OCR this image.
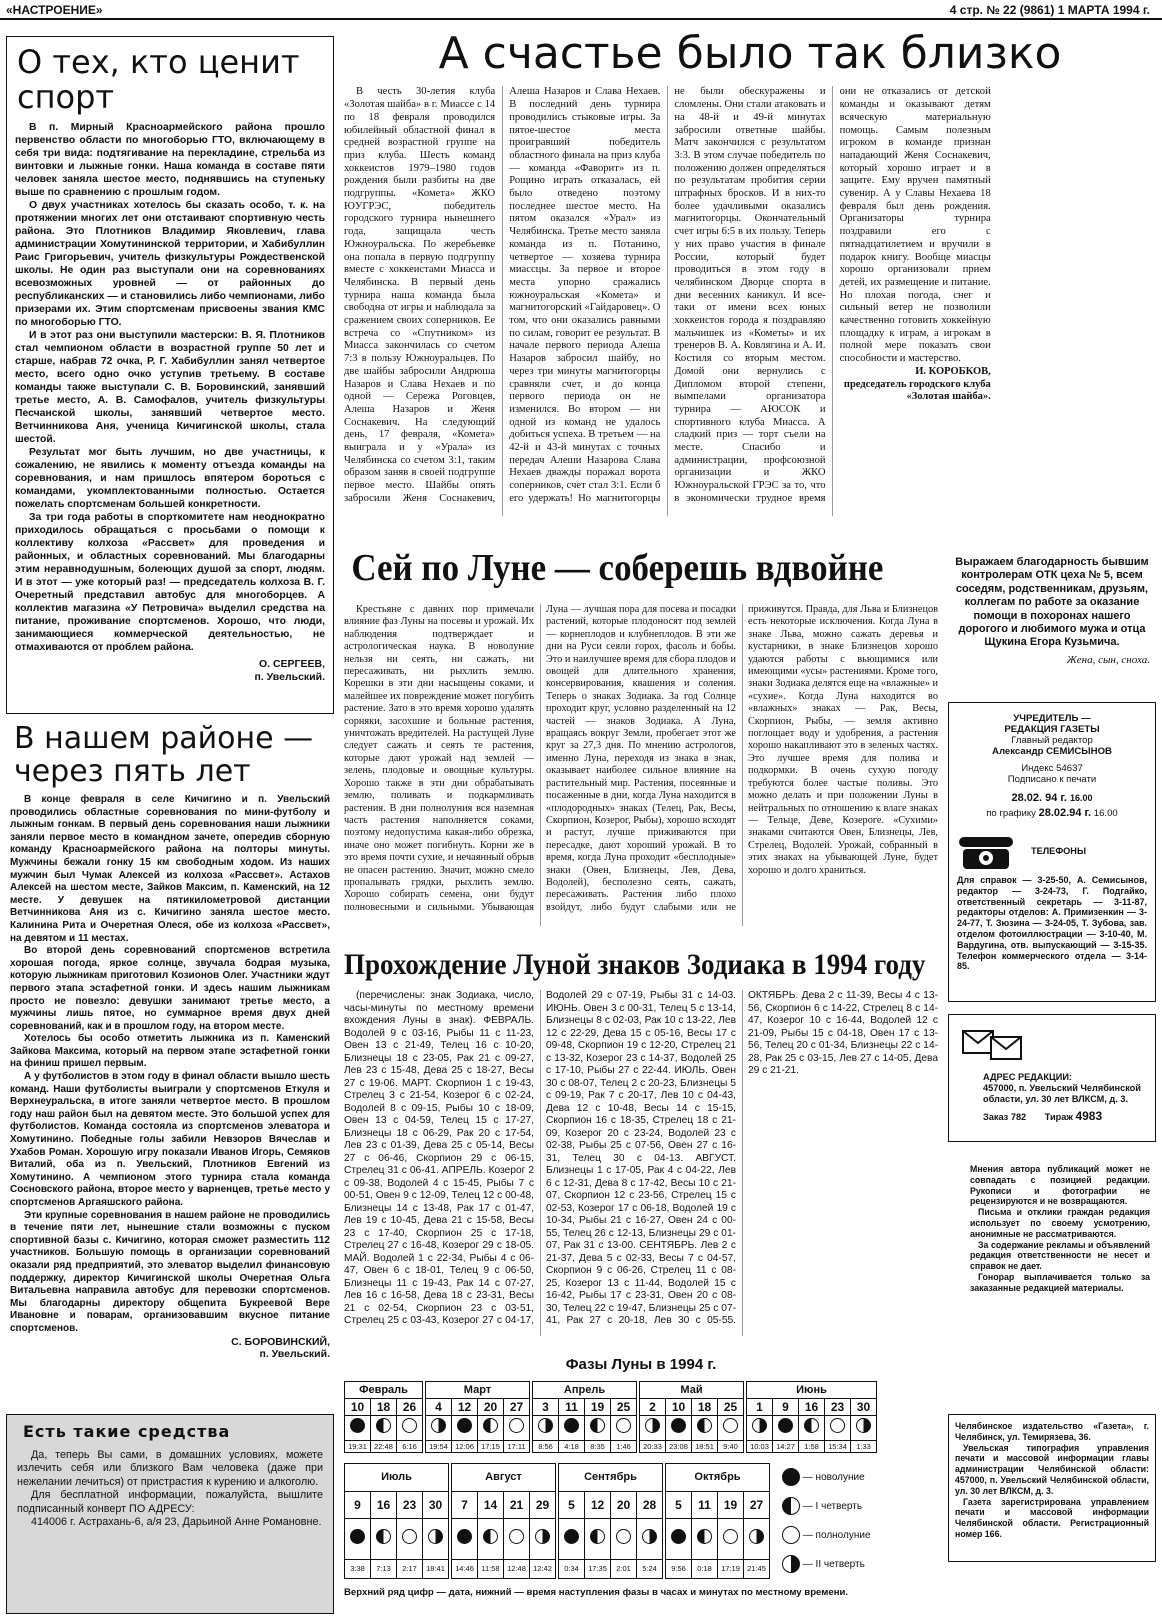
«НАСТРОЕНИЕ»	4 стр. № 22 (9861) 1 МАРТА 1994 г.
О тех, кто ценит спорт

В п. Мирный Красноармейского района прошло первенство области по многоборью ГТО, включающему в себя три вида: подтягивание на перекладине, стрельба из винтовки и лыжные гонки. Наша команда в составе пяти человек заняла шестое место, поднявшись на ступеньку выше по сравнению с прошлым годом.

О двух участниках хотелось бы сказать особо, т. к. на протяжении многих лет они отстаивают спортивную честь района. Это Плотников Владимир Яковлевич, глава администрации Хомутининской территории, и Хабибуллин Раис Григорьевич, учитель физкультуры Рождественской школы. Не один раз выступали они на соревнованиях всевозможных уровней — от районных до республиканских — и становились либо чемпионами, либо призерами их. Этим спортсменам присвоены звания КМС по многоборью ГТО.

И в этот раз они выступили мастерски: В. Я. Плотников стал чемпионом области в возрастной группе 50 лет и старше, набрав 72 очка, Р. Г. Хабибуллин занял четвертое место, всего одно очко уступив третьему. В составе команды также выступали С. В. Боровинский, занявший третье место, А. В. Самофалов, учитель физкультуры Песчанской школы, занявший четвертое место. Ветчинникова Аня, ученица Кичигинской школы, стала шестой.

Результат мог быть лучшим, но две участницы, к сожалению, не явились к моменту отъезда команды на соревнования, и нам пришлось впятером бороться с командами, укомплектованными полностью. Остается пожелать спортсменам большей конкретности.

За три года работы в спорткомитете нам неоднократно приходилось обращаться с просьбами о помощи к коллективу колхоза «Рассвет» для проведения и районных, и областных соревнований. Мы благодарны этим неравнодушным, болеющих душой за спорт, людям. И в этот — уже который раз! — председатель колхоза В. Г. Очеретный представил автобус для многоборцев. А коллектив магазина «У Петровича» выделил средства на питание, проживание спортсменов. Хорошо, что люди, занимающиеся коммерческой деятельностью, не отмахиваются от проблем района.

О. СЕРГЕЕВ,
п. Увельский.
В нашем районе — через пять лет

В конце февраля в селе Кичигино и п. Увельский проводились областные соревнования по мини-футболу и лыжным гонкам. В первый день соревнования наши лыжники заняли первое место в командном зачете, опередив сборную команду Красноармейского района на полторы минуты. Мужчины бежали гонку 15 км свободным ходом. Из наших мужчин был Чумак Алексей из колхоза «Рассвет». Астахов Алексей на шестом месте, Зайков Максим, п. Каменский, на 12 месте. У девушек на пятикилометровой дистанции Ветчинникова Аня из с. Кичигино заняла шестое место. Калинина Рита и Очеретная Олеся, обе из колхоза «Рассвет», на девятом и 11 местах.

Во второй день соревнований спортсменов встретила хорошая погода, яркое солнце, звучала бодрая музыка, которую лыжникам приготовил Козионов Олег. Участники ждут первого этапа эстафетной гонки. И здесь нашим лыжникам просто не повезло: девушки занимают третье место, а мужчины лишь пятое, но суммарное время двух дней соревнований, как и в прошлом году, на втором месте.

Хотелось бы особо отметить лыжника из п. Каменский Зайкова Максима, который на первом этапе эстафетной гонки на финиш пришел первым.

А у футболистов в этом году в финал области вышло шесть команд. Наши футболисты выиграли у спортсменов Еткуля и Верхнеуральска, в итоге заняли четвертое место. В прошлом году наш район был на девятом месте. Это большой успех для футболистов. Команда состояла из спортсменов элеватора и Хомутинино. Победные голы забили Невзоров Вячеслав и Ухабов Роман. Хорошую игру показали Иванов Игорь, Семяков Виталий, оба из п. Увельский, Плотников Евгений из Хомутинино. А чемпионом этого турнира стала команда Сосновского района, второе место у варненцев, третье место у спортсменов Аргаяшского района.

Эти крупные соревнования в нашем районе не проводились в течение пяти лет, нынешние стали возможны с пуском спортивной базы с. Кичигино, которая сможет разместить 112 участников. Большую помощь в организации соревнований оказали ряд предприятий, это элеватор выделил финансовую поддержку, директор Кичигинской школы Очеретная Ольга Витальевна направила автобус для перевозки спортсменов. Мы благодарны директору общепита Букреевой Вере Ивановне и поварам, организовавшим вкусное питание спортсменов.

С. БОРОВИНСКИЙ,
п. Увельский.
Есть такие средства

Да, теперь Вы сами, в домашних условиях, можете излечить себя или близкого Вам человека (даже при нежелании лечиться) от пристрастия к курению и алкоголю.

Для бесплатной информации, пожалуйста, вышлите подписанный конверт ПО АДРЕСУ:

414006 г. Астрахань-6, а/я 23, Дарьиной Анне Романовне.

А счастье было так близко

В честь 30-летия клуба «Золотая шайба» в г. Миассе с 14 по 18 февраля проводился юбилейный областной финал в средней возрастной группе на приз клуба. Шесть команд хоккеистов 1979–1980 годов рождения были разбиты на две подгруппы. «Комета» ЖКО ЮУГРЭС, победитель городского турнира нынешнего года, защищала честь Южноуральска. По жеребьевке она попала в первую подгруппу вместе с хоккеистами Миасса и Челябинска. В первый день турнира наша команда была свободна от игры и наблюдала за сражением своих соперников. Ее встреча со «Спутником» из Миасса закончилась со счетом 7:3 в пользу Южноуральцев. По две шайбы забросили Андрюша Назаров и Слава Нехаев и по одной — Сережа Роговцев, Алеша Назаров и Женя Соснакевич. На следующий день, 17 февраля, «Комета» выиграла и у «Урала» из Челябинска со счетом 3:1, таким образом заняв в своей подгруппе первое место. Шайбы опять забросили Женя Соснакевич, Алеша Назаров и Слава Нехаев. В последний день турнира проводились стыковые игры. За пятое-шестое места проигравший победитель областного финала на приз клуба — команда «Фаворит» из п. Рощино играть отказалась, ей было отведено поэтому последнее шестое место. На пятом оказался «Урал» из Челябинска. Третье место заняла команда из п. Потанино, четвертое — хозяева турнира миассцы. За первое и второе места упорно сражались южноуральская «Комета» и магнитогорский «Гайдаровец». О том, что они оказались равными по силам, говорит ее результат. В начале первого периода Алеша Назаров забросил шайбу, но через три минуты магнитогорцы сравняли счет, и до конца первого периода он не изменился. Во втором — ни одной из команд не удалось добиться успеха. В третьем — на 42-й и 43-й минутах с точных передач Алеши Назарова Слава Нехаев дважды поражал ворота соперников, счет стал 3:1. Если б его удержать! Но магнитогорцы не были обескуражены и сломлены. Они стали атаковать и на 48-й и 49-й минутах забросили ответные шайбы. Матч закончился с результатом 3:3. В этом случае победитель по положению должен определяться по результатам пробития серии штрафных бросков. И в них-то более удачливыми оказались магнитогорцы. Окончательный счет игры 6:5 в их пользу. Теперь у них право участия в финале России, который будет проводиться в этом году в челябинском Дворце спорта в дни весенних каникул. И все-таки от имени всех юных хоккеистов города я поздравляю мальчишек из «Кометы» и их тренеров В. А. Ковлягина и А. И. Костиля со вторым местом. Домой они вернулись с Дипломом второй степени, вымпелами организатора турнира — АЮСОК и спортивного клуба Миасса. А сладкий приз — торт съели на месте. Спасибо и администрации, профсоюзной организации и ЖКО Южноуральской ГРЭС за то, что в экономически трудное время они не отказались от детской команды и оказывают детям всяческую материальную помощь. Самым полезным игроком в команде признан нападающий Женя Соснакевич, который хорошо играет и в защите. Ему вручен памятный сувенир. А у Славы Нехаева 18 февраля был день рождения. Организаторы турнира поздравили его с пятнадцатилетием и вручили в подарок книгу. Вообще миасцы хорошо организовали прием детей, их размещение и питание. Но плохая погода, снег и сильный ветер не позволили качественно готовить хоккейную площадку к играм, а игрокам в полной мере показать свои способности и мастерство.

И. КОРОБКОВ,
председатель городского клуба «Золотая шайба».
Сей по Луне — соберешь вдвойне

Крестьяне с давних пор примечали влияние фаз Луны на посевы и урожай. Их наблюдения подтверждает и астрологическая наука. В новолуние нельзя ни сеять, ни сажать, ни пересаживать, ни рыхлить землю. Корешки в эти дни насыщены соками, и малейшее их повреждение может погубить растение. Зато в это время хорошо удалять сорняки, засохшие и больные растения, уничтожать вредителей. На растущей Луне следует сажать и сеять те растения, которые дают урожай над землей — зелень, плодовые и овощные культуры. Хорошо также в эти дни обрабатывать землю, поливать и подкармливать растения. В дни полнолуния вся наземная часть растения наполняется соками, поэтому недопустима какая-либо обрезка, иначе оно может погибнуть. Корни же в это время почти сухие, и нечаянный обрыв не опасен растению. Значит, можно смело пропалывать грядки, рыхлить землю. Хорошо собирать семена, они будут полновесными и сильными. Убывающая Луна — лучшая пора для посева и посадки растений, которые плодоносят под землей — корнеплодов и клубнеплодов. В эти же дни на Руси сеяли горох, фасоль и бобы. Это и наилучшее время для сбора плодов и овощей для длительного хранения, консервирования, квашения и соления. Теперь о знаках Зодиака. За год Солнце проходит круг, условно разделенный на 12 частей — знаков Зодиака. А Луна, вращаясь вокруг Земли, пробегает этот же круг за 27,3 дня. По мнению астрологов, именно Луна, переходя из знака в знак, оказывает наиболее сильное влияние на растительный мир. Растения, посеянные и посаженные в дни, когда Луна находится в «плодородных» знаках (Телец, Рак, Весы, Скорпион, Козерог, Рыбы), хорошо всходят и растут, лучше приживаются при пересадке, дают хороший урожай. В то время, когда Луна проходит «бесплодные» знаки (Овен, Близнецы, Лев, Дева, Водолей), бесполезно сеять, сажать, пересаживать. Растения либо плохо взойдут, либо будут слабыми или не приживутся. Правда, для Льва и Близнецов есть некоторые исключения. Когда Луна в знаке Льва, можно сажать деревья и кустарники, в знаке Близнецов хорошо удаются работы с вьющимися или имеющими «усы» растениями. Кроме того, знаки Зодиака делятся еще на «влажные» и «сухие». Когда Луна находится во «влажных» знаках — Рак, Весы, Скорпион, Рыбы, — земля активно поглощает воду и удобрения, а растения хорошо накапливают это в зеленых частях. Это лучшее время для полива и подкормки. В очень сухую погоду требуются более частые поливы. Это можно делать и при положении Луны в нейтральных по отношению к влаге знаках — Тельце, Деве, Козероге. «Сухими» знаками считаются Овен, Близнецы, Лев, Стрелец, Водолей. Урожай, собранный в этих знаках на убывающей Луне, будет хорошо и долго храниться.

Прохождение Луной знаков Зодиака в 1994 году

(перечислены: знак Зодиака, число, часы-минуты по местному времени вхождения Луны в знак). ФЕВРАЛЬ. Водолей 9 с 03-16, Рыбы 11 с 11-23, Овен 13 с 21-49, Телец 16 с 10-20, Близнецы 18 с 23-05, Рак 21 с 09-27, Лев 23 с 15-48, Дева 25 с 18-27, Весы 27 с 19-06. МАРТ. Скорпион 1 с 19-43, Стрелец 3 с 21-54, Козерог 6 с 02-24, Водолей 8 с 09-15, Рыбы 10 с 18-09, Овен 13 с 04-59, Телец 15 с 17-27, Близнецы 18 с 06-29, Рак 20 с 17-54, Лев 23 с 01-39, Дева 25 с 05-14, Весы 27 с 06-46, Скорпион 29 с 06-15, Стрелец 31 с 06-41. АПРЕЛЬ. Козерог 2 с 09-38, Водолей 4 с 15-45, Рыбы 7 с 00-51, Овен 9 с 12-09, Телец 12 с 00-48, Близнецы 14 с 13-48, Рак 17 с 01-47, Лев 19 с 10-45, Дева 21 с 15-58, Весы 23 с 17-40, Скорпион 25 с 17-18, Стрелец 27 с 16-48, Козерог 29 с 18-05. МАЙ. Водолей 1 с 22-34, Рыбы 4 с 06-47, Овен 6 с 18-01, Телец 9 с 06-50, Близнецы 11 с 19-43, Рак 14 с 07-27, Лев 16 с 16-58, Дева 18 с 23-31, Весы 21 с 02-54, Скорпион 23 с 03-51, Стрелец 25 с 03-43, Козерог 27 с 04-17, Водолей 29 с 07-19, Рыбы 31 с 14-03. ИЮНЬ. Овен 3 с 00-31, Телец 5 с 13-14, Близнецы 8 с 02-03, Рак 10 с 13-22, Лев 12 с 22-29, Дева 15 с 05-16, Весы 17 с 09-48, Скорпион 19 с 12-20, Стрелец 21 с 13-32, Козерог 23 с 14-37, Водолей 25 с 17-10, Рыбы 27 с 22-44. ИЮЛЬ. Овен 30 с 08-07, Телец 2 с 20-23, Близнецы 5 с 09-19, Рак 7 с 20-17, Лев 10 с 04-43, Дева 12 с 10-48, Весы 14 с 15-15, Скорпион 16 с 18-35, Стрелец 18 с 21-09, Козерог 20 с 23-24, Водолей 23 с 02-38, Рыбы 25 с 07-56, Овен 27 с 16-31, Телец 30 с 04-13. АВГУСТ. Близнецы 1 с 17-05, Рак 4 с 04-22, Лев 6 с 12-31, Дева 8 с 17-42, Весы 10 с 21-07, Скорпион 12 с 23-56, Стрелец 15 с 02-53, Козерог 17 с 06-18, Водолей 19 с 10-34, Рыбы 21 с 16-27, Овен 24 с 00-55, Телец 26 с 12-13, Близнецы 29 с 01-07, Рак 31 с 13-00. СЕНТЯБРЬ. Лев 2 с 21-37, Дева 5 с 02-33, Весы 7 с 04-57, Скорпион 9 с 06-26, Стрелец 11 с 08-25, Козерог 13 с 11-44, Водолей 15 с 16-42, Рыбы 17 с 23-31, Овен 20 с 08-30, Телец 22 с 19-47, Близнецы 25 с 07-41, Рак 27 с 20-18, Лев 30 с 05-55. ОКТЯБРЬ. Дева 2 с 11-39, Весы 4 с 13-56, Скорпион 6 с 14-22, Стрелец 8 с 14-47, Козерог 10 с 16-44, Водолей 12 с 21-09, Рыбы 15 с 04-18, Овен 17 с 13-56, Телец 20 с 01-34, Близнецы 22 с 14-28, Рак 25 с 03-15, Лев 27 с 14-05, Дева 29 с 21-21.

Фазы Луны в 1994 г.
Февраль		
10	18	26

19:31	22:48	6:16
Март			
4	12	20	27

19:54	12:06	17:15	17:11
Апрель			
3	11	19	25

8:56	4:18	8:35	1:46
Май			
2	10	18	25

20:33	23:08	18:51	9:40
Июнь				
1	9	16	23	30

10:03	14:27	1:58	15:34	1:33
Июль			
9	16	23	30

3:38	7:13	2:17	18:41
Август			
7	14	21	29

14:46	11:58	12:48	12:42
Сентябрь			
5	12	20	28

0:34	17:35	2:01	5:24
Октябрь			
5	11	19	27

9:56	0:18	17:19	21:45
— новолуние
— I четверть
— полнолуние
— II четверть
Верхний ряд цифр — дата, нижний — время наступления фазы в часах и минутах по местному времени.
Выражаем благодарность бывшим контролерам ОТК цеха № 5, всем соседям, родственникам, друзьям, коллегам по работе за оказание помощи в похоронах нашего дорогого и любимого мужа и отца Щукина Егора Кузьмича.
Жена, сын, сноха.
УЧРЕДИТЕЛЬ —
РЕДАКЦИЯ ГАЗЕТЫ
Главный редактор
Александр СЕМИСЫНОВ
Индекс 54637
Подписано к печати
28.02. 94 г. 16.00
по графику 28.02.94 г. 16.00
ТЕЛЕФОНЫ
Для справок — 3-25-50, А. Семисынов, редактор — 3-24-73, Г. Подгайко, ответственный секретарь — 3-11-87, редакторы отделов: А. Примизенкин — 3-24-77, Т. Зюзина — 3-24-05, Т. Зубова, зав. отделом фотоиллюстрации — 3-10-40, М. Вардугина, отв. выпускающий — 3-15-35. Телефон коммерческого отдела — 3-14-85.
АДРЕС РЕДАКЦИИ:
457000, п. Увельский Челябинской области, ул. 30 лет ВЛКСМ, д. 3.
Заказ 782 Тираж 4983

Мнения автора публикаций может не совпадать с позицией редакции. Рукописи и фотографии не рецензируются и не возвращаются.

Письма и отклики граждан редакция использует по своему усмотрению, анонимные не рассматриваются.

За содержание рекламы и объявлений редакция ответственности не несет и справок не дает.

Гонорар выплачивается только за заказанные редакцией материалы.

Челябинское издательство «Газета», г. Челябинск, ул. Темирязева, 36.

Увельская типография управления печати и массовой информации главы администрации Челябинской области: 457000, п. Увельский Челябинской области, ул. 30 лет ВЛКСМ, д. 3.

Газета зарегистрирована управлением печати и массовой информации Челябинской области. Регистрационный номер 166.
